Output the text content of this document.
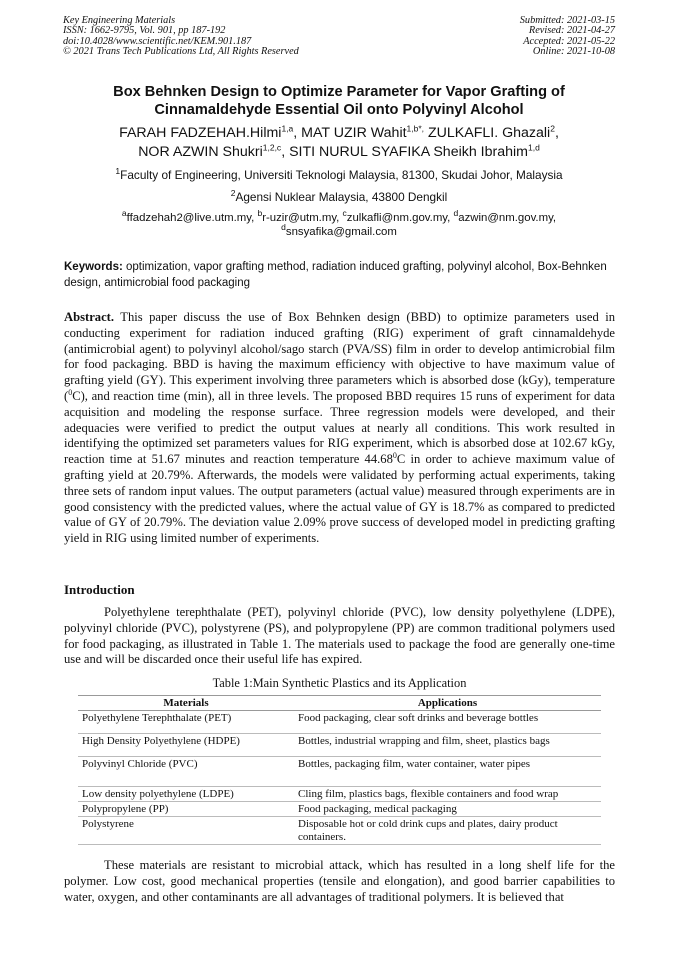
Key Engineering Materials
ISSN: 1662-9795, Vol. 901, pp 187-192
doi:10.4028/www.scientific.net/KEM.901.187
© 2021 Trans Tech Publications Ltd, All Rights Reserved
Submitted: 2021-03-15
Revised: 2021-04-27
Accepted: 2021-05-22
Online: 2021-10-08
Box Behnken Design to Optimize Parameter for Vapor Grafting of
Cinnamaldehyde Essential Oil onto Polyvinyl Alcohol
FARAH FADZEHAH.Hilmi$^{1,a}$, MAT UZIR Wahit$^{1,b*,}$ ZULKAFLI. Ghazali$^2$,
NOR AZWIN Shukri$^{1,2,c}$, SITI NURUL SYAFIKA Sheikh Ibrahim$^{1,d}$
$^1$Faculty of Engineering, Universiti Teknologi Malaysia, 81300, Skudai Johor, Malaysia
$^2$Agensi Nuklear Malaysia, 43800 Dengkil
$^a$ffadzehah2@live.utm.my, $^b$r-uzir@utm.my, $^c$zulkafli@nm.gov.my, $^d$azwin@nm.gov.my,
$^d$snsyafika@gmail.com
Keywords: optimization, vapor grafting method, radiation induced grafting, polyvinyl alcohol, Box-Behnken design, antimicrobial food packaging
Abstract. This paper discuss the use of Box Behnken design (BBD) to optimize parameters used in conducting experiment for radiation induced grafting (RIG) experiment of graft cinnamaldehyde (antimicrobial agent) to polyvinyl alcohol/sago starch (PVA/SS) film in order to develop antimicrobial film for food packaging. BBD is having the maximum efficiency with objective to have maximum value of grafting yield (GY). This experiment involving three parameters which is absorbed dose (kGy), temperature ($^0$C), and reaction time (min), all in three levels. The proposed BBD requires 15 runs of experiment for data acquisition and modeling the response surface. Three regression models were developed, and their adequacies were verified to predict the output values at nearly all conditions. This work resulted in identifying the optimized set parameters values for RIG experiment, which is absorbed dose at 102.67 kGy, reaction time at 51.67 minutes and reaction temperature 44.68$^0$C in order to achieve maximum value of grafting yield at 20.79%. Afterwards, the models were validated by performing actual experiments, taking three sets of random input values. The output parameters (actual value) measured through experiments are in good consistency with the predicted values, where the actual value of GY is 18.7% as compared to predicted value of GY of 20.79%. The deviation value 2.09% prove success of developed model in predicting grafting yield in RIG using limited number of experiments.
Introduction
Polyethylene terephthalate (PET), polyvinyl chloride (PVC), low density polyethylene (LDPE), polyvinyl chloride (PVC), polystyrene (PS), and polypropylene (PP) are common traditional polymers used for food packaging, as illustrated in Table 1. The materials used to package the food are generally one-time use and will be discarded once their useful life has expired.
Table 1:Main Synthetic Plastics and its Application
Materials	Applications
Polyethylene Terephthalate (PET)	Food packaging, clear soft drinks and beverage bottles
High Density Polyethylene (HDPE)	Bottles, industrial wrapping and film, sheet, plastics bags
Polyvinyl Chloride (PVC)	Bottles, packaging film, water container, water pipes
Low density polyethylene (LDPE)	Cling film, plastics bags, flexible containers and food wrap
Polypropylene (PP)	Food packaging, medical packaging
Polystyrene	Disposable hot or cold drink cups and plates, dairy product containers.
These materials are resistant to microbial attack, which has resulted in a long shelf life for the polymer. Low cost, good mechanical properties (tensile and elongation), and good barrier capabilities to water, oxygen, and other contaminants are all advantages of traditional polymers. It is believed that
